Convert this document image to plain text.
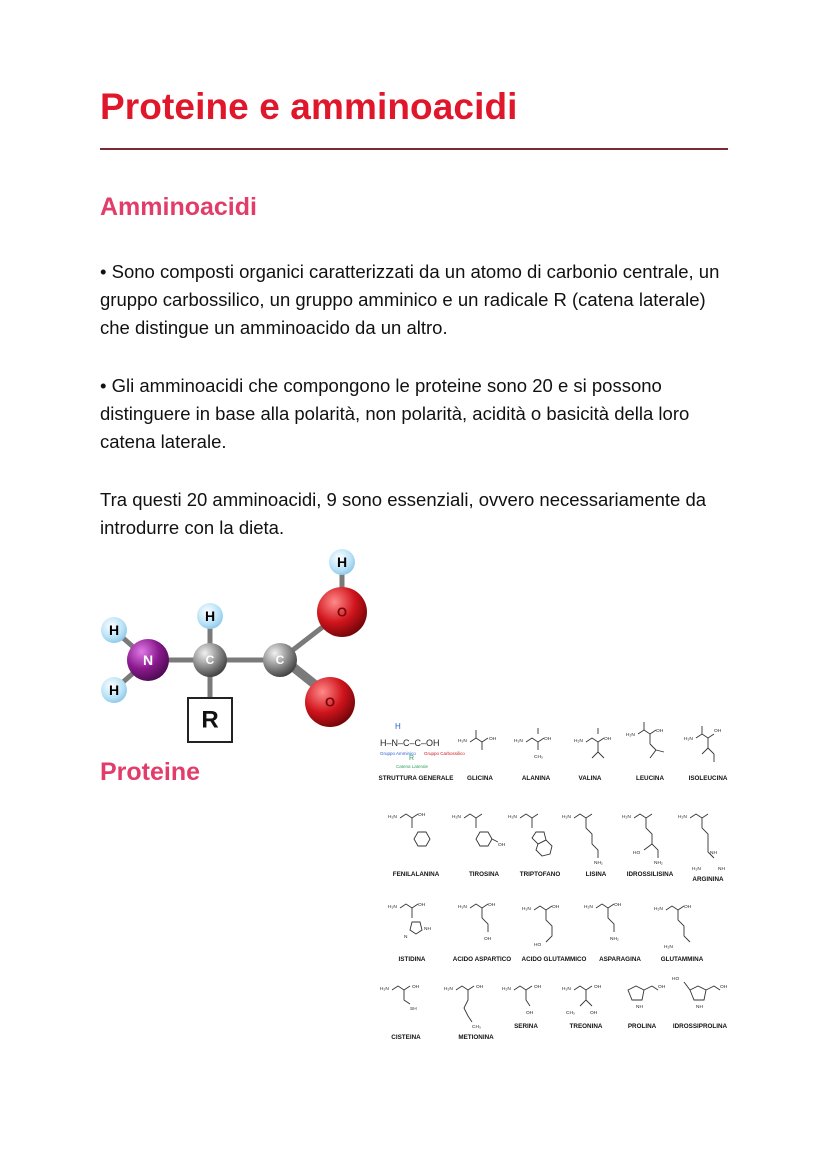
Proteine e amminoacidi
Amminoacidi

• Sono composti organici caratterizzati da un atomo di carbonio centrale, un gruppo carbossilico, un gruppo amminico e un radicale R (catena laterale) che distingue un amminoacido da un altro.

• Gli amminoacidi che compongono le proteine sono 20 e si possono distinguere in base alla polarità, non polarità, acidità o basicità della loro catena laterale.

Tra questi 20 amminoacidi, 9 sono essenziali, ovvero necessariamente da introdurre con la dieta.

Proteine
H
H
H
H
N	C	C
O
O
R	H
H–N–C–C–OH
R
Gruppo Amminico Gruppo Carbossilico
Catena Laterale
H₂N	OH	H₂N	OH
CH₃
H₂N	OH
H₂N
OH
H₂N
OH
H₂N	OH	H₂N
OH
H₂N	H₂N
NH₂
H₂N
HO
NH₂
H₂N
NH
H₂N	NH
H₂N	OH
NH
N
H₂N	OH
OH
H₂N	OH
HO
H₂N	OH
NH₂
H₂N	OH
H₂N
H₂N	OH
SH
H₂N	OH
CH₃
H₂N	OH
OH
H₂N	OH
CH₃	OH
NH
OH
HO
NH
OH
STRUTTURA GENERALE GLICINA	ALANINA	VALINA	LEUCINA	ISOLEUCINA
FENILALANINA	TIROSINA	TRIPTOFANO	LISINA	IDROSSILISINA
ARGININA
ISTIDINA	ACIDO ASPARTICO ACIDO GLUTAMMICO ASPARAGINA	GLUTAMMINA
CISTEINA	METIONINA
SERINA	TREONINA	PROLINA	IDROSSIPROLINA
